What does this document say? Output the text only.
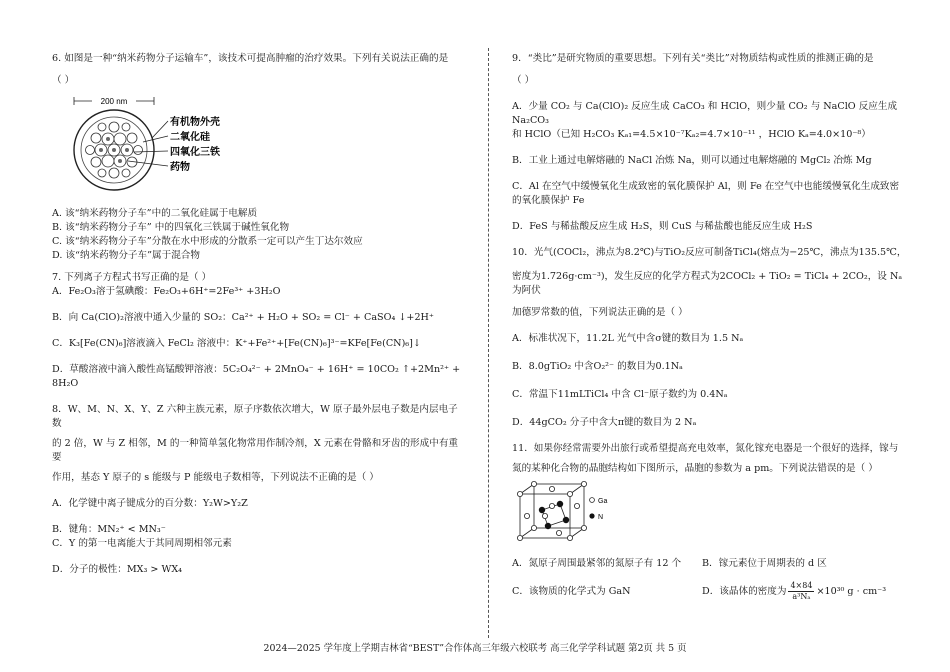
6. 如图是一种“纳米药物分子运输车”，该技术可提高肿瘤的治疗效果。下列有关说法正确的是

（ ）

200 nm
有机物外壳
二氧化硅
四氧化三铁
药物

A. 该“纳米药物分子车”中的二氧化硅属于电解质

B. 该“纳米药物分子车” 中的四氧化三铁属于碱性氧化物

C. 该“纳米药物分子车”分散在水中形成的分散系一定可以产生丁达尔效应

D. 该“纳米药物分子车”属于混合物

7. 下列离子方程式书写正确的是（ ）

A．Fe₂O₃溶于氢碘酸：Fe₂O₃+6H⁺=2Fe³⁺ +3H₂O

B．向 Ca(ClO)₂溶液中通入少量的 SO₂：Ca²⁺ + H₂O + SO₂ = Cl⁻ + CaSO₄ ↓+2H⁺

C．K₃[Fe(CN)₆]溶液滴入 FeCl₂ 溶液中：K⁺+Fe²⁺+[Fe(CN)₆]³⁻=KFe[Fe(CN)₆]↓

D．草酸溶液中滴入酸性高锰酸钾溶液：5C₂O₄²⁻ + 2MnO₄⁻ + 16H⁺ = 10CO₂ ↑+2Mn²⁺ + 8H₂O

8．W、M、N、X、Y、Z 六种主族元素，原子序数依次增大，W 原子最外层电子数是内层电子数

的 2 倍，W 与 Z 相邻，M 的一种简单氢化物常用作制冷剂，X 元素在骨骼和牙齿的形成中有重要

作用，基态 Y 原子的 s 能级与 P 能级电子数相等，下列说法不正确的是（ ）

A．化学键中离子键成分的百分数：Y₂W>Y₂Z

B．键角：MN₂⁺ < MN₃⁻

C．Y 的第一电离能大于其同周期相邻元素

D．分子的极性：MX₃ > WX₄

9．“类比”是研究物质的重要思想。下列有关“类比”对物质结构或性质的推测正确的是

（ ）

A．少量 CO₂ 与 Ca(ClO)₂ 反应生成 CaCO₃ 和 HClO，则少量 CO₂ 与 NaClO 反应生成 Na₂CO₃

和 HClO（已知 H₂CO₃ Kₐ₁=4.5×10⁻⁷Kₐ₂=4.7×10⁻¹¹ ，HClO Kₐ=4.0×10⁻⁸）

B．工业上通过电解熔融的 NaCl 冶炼 Na，则可以通过电解熔融的 MgCl₂ 冶炼 Mg

C．Al 在空气中缓慢氧化生成致密的氧化膜保护 Al，则 Fe 在空气中也能缓慢氧化生成致密

的氧化膜保护 Fe

D．FeS 与稀盐酸反应生成 H₂S，则 CuS 与稀盐酸也能反应生成 H₂S

10．光气(COCl₂，沸点为8.2℃)与TiO₂反应可制备TiCl₄(熔点为−25℃，沸点为135.5℃，

密度为1.726g·cm⁻³)，发生反应的化学方程式为2COCl₂ + TiO₂ = TiCl₄ + 2CO₂，设 Nₐ 为阿伏

加德罗常数的值，下列说法正确的是（ ）

A．标准状况下，11.2L 光气中含σ键的数目为 1.5 Nₐ

B．8.0gTiO₂ 中含O₂²⁻ 的数目为0.1Nₐ

C．常温下11mLTiCl₄ 中含 Cl⁻原子数约为 0.4Nₐ

D．44gCO₂ 分子中含大π键的数目为 2 Nₐ

11．如果你经常需要外出旅行或希望提高充电效率，氮化镓充电器是一个很好的选择，镓与

氮的某种化合物的晶胞结构如下图所示，晶胞的参数为 a pm。下列说法错误的是（ ）

Ga
N

A．氮原子周围最紧邻的氮原子有 12 个	B．镓元素位于周期表的 d 区

C．该物质的化学式为 GaN	D．该晶体的密度为 $\frac{4\times 84}{\text{a³Nₐ}} \times 10^{30}$ g · cm⁻³
2024—2025 学年度上学期吉林省“BEST”合作体高三年级六校联考 高三化学学科试题 第2页 共 5 页
